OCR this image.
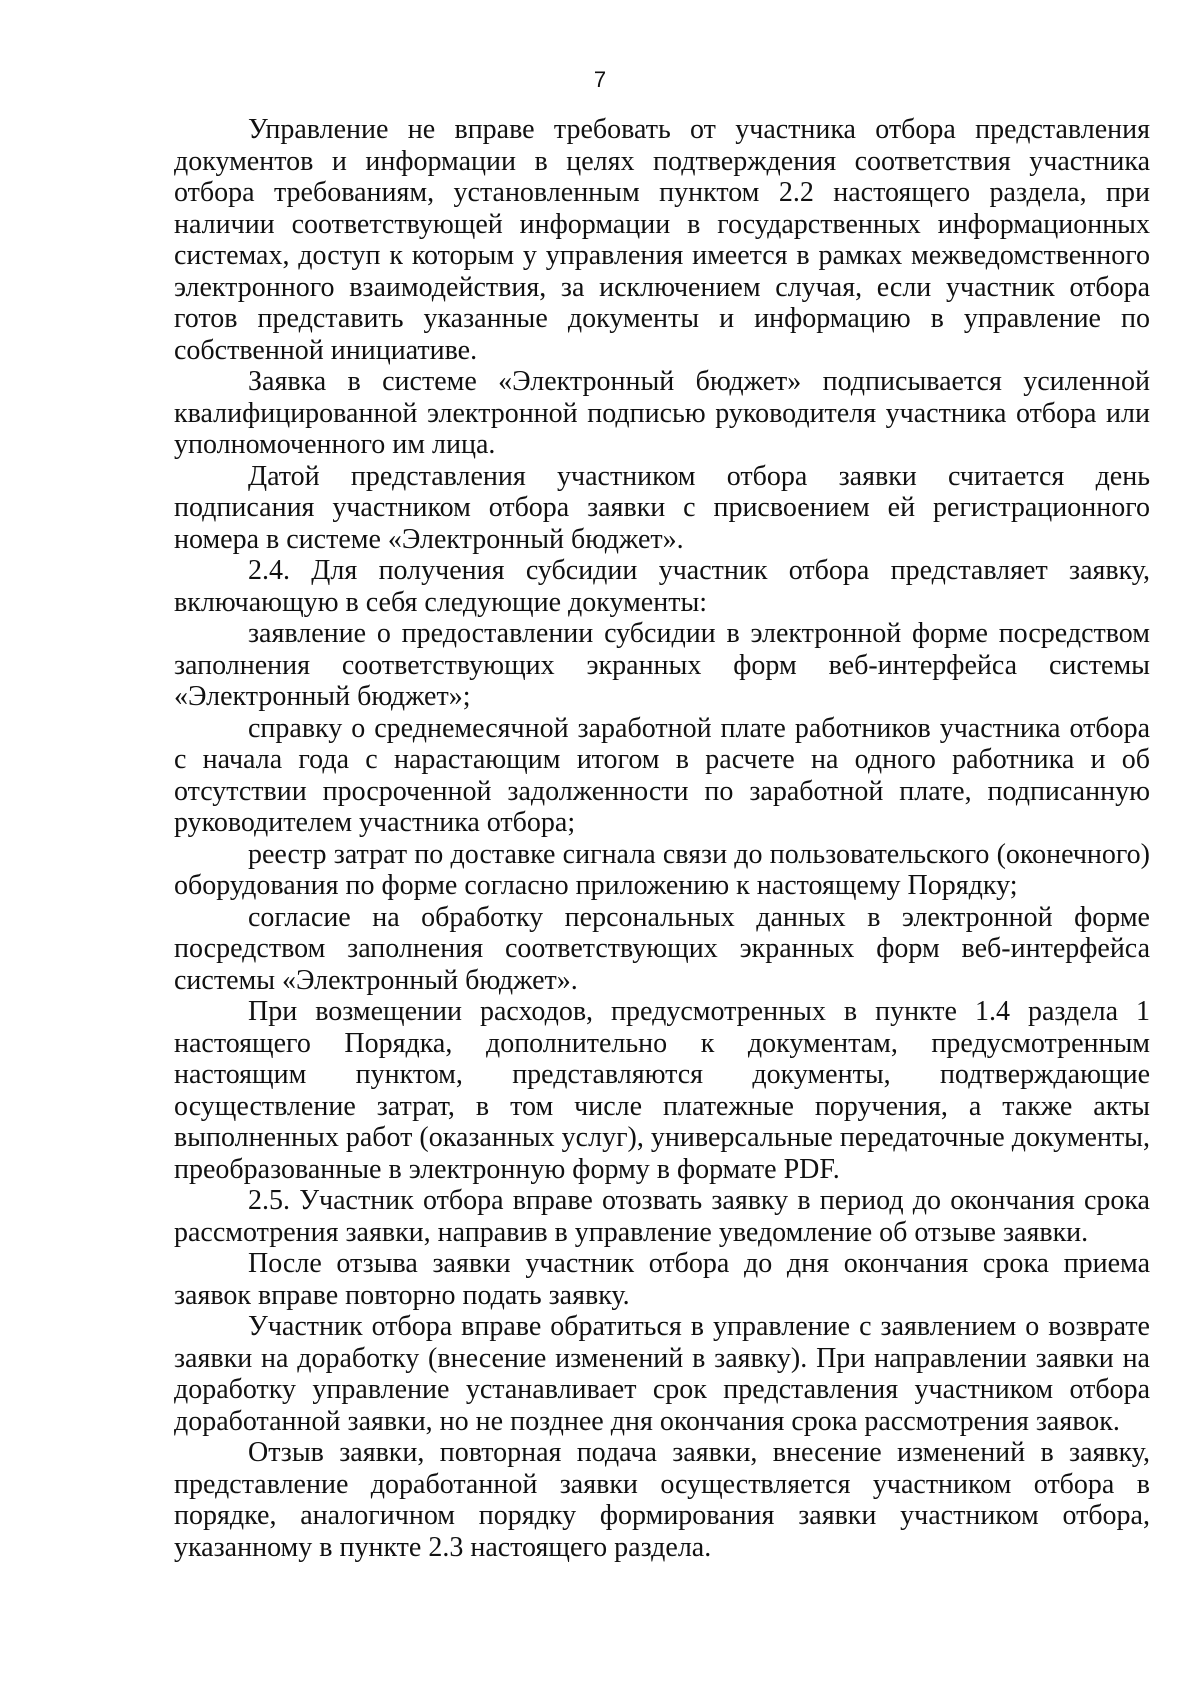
7

Управление не вправе требовать от участника отбора представления документов и информации в целях подтверждения соответствия участника отбора требованиям, установленным пунктом 2.2 настоящего раздела, при наличии соответствующей информации в государственных информационных системах, доступ к которым у управления имеется в рамках межведомственного электронного взаимодействия, за исключением случая, если участник отбора готов представить указанные документы и информацию в управление по собственной инициативе.

Заявка в системе «Электронный бюджет» подписывается усиленной квалифицированной электронной подписью руководителя участника отбора или уполномоченного им лица.

Датой представления участником отбора заявки считается день подписания участником отбора заявки с присвоением ей регистрационного номера в системе «Электронный бюджет».

2.4. Для получения субсидии участник отбора представляет заявку, включающую в себя следующие документы:

заявление о предоставлении субсидии в электронной форме посредством заполнения соответствующих экранных форм веб-интерфейса системы «Электронный бюджет»;

справку о среднемесячной заработной плате работников участника отбора с начала года с нарастающим итогом в расчете на одного работника и об отсутствии просроченной задолженности по заработной плате, подписанную руководителем участника отбора;

реестр затрат по доставке сигнала связи до пользовательского (оконечного) оборудования по форме согласно приложению к настоящему Порядку;

согласие на обработку персональных данных в электронной форме посредством заполнения соответствующих экранных форм веб-интерфейса системы «Электронный бюджет».

При возмещении расходов, предусмотренных в пункте 1.4 раздела 1 настоящего Порядка, дополнительно к документам, предусмотренным настоящим пунктом, представляются документы, подтверждающие осуществление затрат, в том числе платежные поручения, а также акты выполненных работ (оказанных услуг), универсальные передаточные документы, преобразованные в электронную форму в формате PDF.

2.5. Участник отбора вправе отозвать заявку в период до окончания срока рассмотрения заявки, направив в управление уведомление об отзыве заявки.

После отзыва заявки участник отбора до дня окончания срока приема заявок вправе повторно подать заявку.

Участник отбора вправе обратиться в управление с заявлением о возврате заявки на доработку (внесение изменений в заявку). При направлении заявки на доработку управление устанавливает срок представления участником отбора доработанной заявки, но не позднее дня окончания срока рассмотрения заявок.

Отзыв заявки, повторная подача заявки, внесение изменений в заявку, представление доработанной заявки осуществляется участником отбора в порядке, аналогичном порядку формирования заявки участником отбора, указанному в пункте 2.3 настоящего раздела.
